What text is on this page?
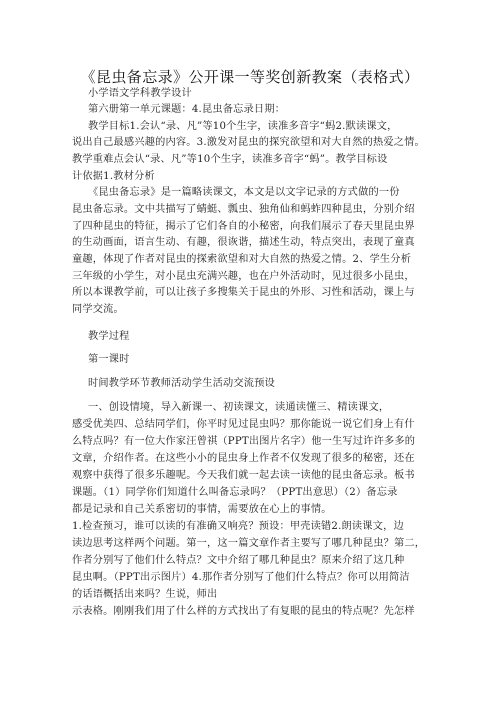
《昆虫备忘录》公开课一等奖创新教案（表格式）
小学语文学科教学设计
第六册第一单元课题：4.昆虫备忘录日期：
教学目标1.会认“录、凡”等10个生字，读准多音字“蚂2.默读课文，
说出自己最感兴趣的内容。3.激发对昆虫的探究欲望和对大自然的热爱之情。
教学重难点会认“录、凡”等10个生字，读准多音字“蚂”。教学目标设
计依据1.教材分析
《昆虫备忘录》是一篇略读课文，本文是以文字记录的方式做的一份
昆虫备忘录。文中共描写了蜻蜓、瓢虫、独角仙和蚂蚱四种昆虫，分别介绍
了四种昆虫的特征，揭示了它们各自的小秘密，向我们展示了春天里昆虫界
的生动画面，语言生动、有趣，很诙谐，描述生动，特点突出，表现了童真
童趣，体现了作者对昆虫的探索欲望和对大自然的热爱之情。2、学生分析
三年级的小学生，对小昆虫充满兴趣，也在户外活动时，见过很多小昆虫，
所以本课教学前，可以让孩子多搜集关于昆虫的外形、习性和活动，课上与
同学交流。
教学过程
第一课时
时间教学环节教师活动学生活动交流预设
一、创设情境，导入新课一、初读课文，读通读懂三、精读课文，
感受优美四、总结同学们，你平时见过昆虫吗？那你能说一说它们身上有什
么特点吗？有一位大作家汪曾祺（PPT出图片名字）他一生写过许许多多的
文章，介绍作者。在这些小小的昆虫身上作者不仅发现了很多的秘密，还在
观察中获得了很多乐趣呢。今天我们就一起去读一读他的昆虫备忘录。板书
课题。（1）同学你们知道什么叫备忘录吗？（PPT出意思）（2）备忘录
都是记录和自己关系密切的事情，需要放在心上的事情。
1.检查预习，谁可以读的有准确又响亮？预设：甲壳读错2.朗读课文，边
读边思考这样两个问题。第一，这一篇文章作者主要写了哪几种昆虫？第二，
作者分别写了他们什么特点？文中介绍了哪几种昆虫？原来介绍了这几种
昆虫啊。（PPT出示图片）4.那作者分别写了他们什么特点？你可以用简洁
的话语概括出来吗？生说，师出
示表格。刚刚我们用了什么样的方式找出了有复眼的昆虫的特点呢？先怎样
